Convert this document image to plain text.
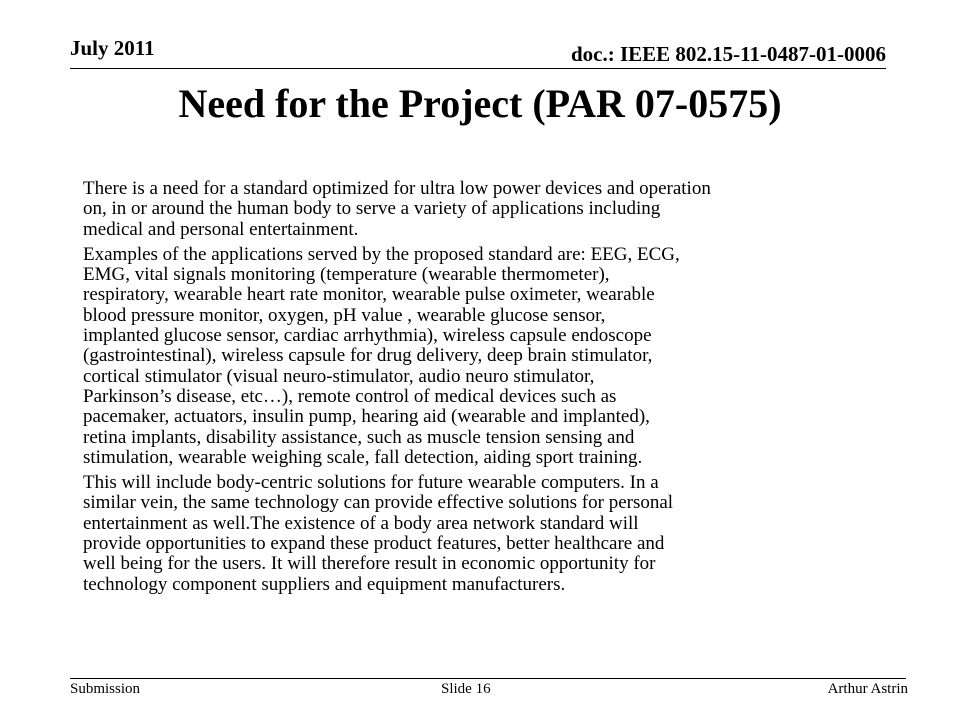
July 2011	doc.: IEEE 802.15-11-0487-01-0006
Need for the Project (PAR 07-0575)

There is a need for a standard optimized for ultra low power devices and operation
on, in or around the human body to serve a variety of applications including
medical and personal entertainment.

Examples of the applications served by the proposed standard are: EEG, ECG,
EMG, vital signals monitoring (temperature (wearable thermometer),
respiratory, wearable heart rate monitor, wearable pulse oximeter, wearable
blood pressure monitor, oxygen, pH value , wearable glucose sensor,
implanted glucose sensor, cardiac arrhythmia), wireless capsule endoscope
(gastrointestinal), wireless capsule for drug delivery, deep brain stimulator,
cortical stimulator (visual neuro-stimulator, audio neuro stimulator,
Parkinson’s disease, etc…), remote control of medical devices such as
pacemaker, actuators, insulin pump, hearing aid (wearable and implanted),
retina implants, disability assistance, such as muscle tension sensing and
stimulation, wearable weighing scale, fall detection, aiding sport training.

This will include body-centric solutions for future wearable computers. In a
similar vein, the same technology can provide effective solutions for personal
entertainment as well.The existence of a body area network standard will
provide opportunities to expand these product features, better healthcare and
well being for the users. It will therefore result in economic opportunity for
technology component suppliers and equipment manufacturers.

Submission	Slide 16	Arthur Astrin
